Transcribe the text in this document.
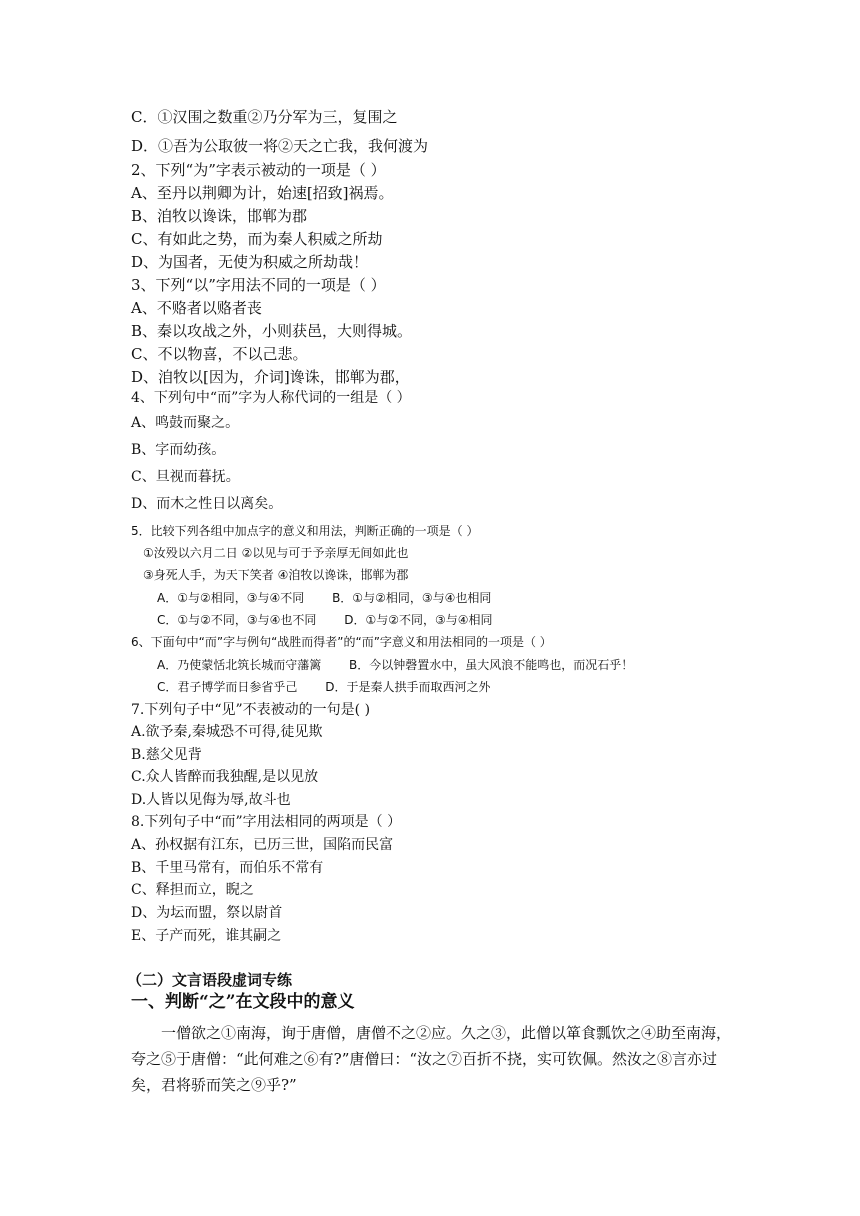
C．①汉围之数重②乃分军为三，复围之
D．①吾为公取彼一将②天之亡我，我何渡为
2、下列“为”字表示被动的一项是（ ）
A、至丹以荆卿为计，始速[招致]祸焉。
B、洎牧以谗诛，邯郸为郡
C、有如此之势，而为秦人积威之所劫
D、为国者，无使为积威之所劫哉！
3、下列“以”字用法不同的一项是（ ）
A、不赂者以赂者丧
B、秦以攻战之外，小则获邑，大则得城。
C、不以物喜，不以己悲。
D、洎牧以[因为，介词]谗诛，邯郸为郡，
4、下列句中“而”字为人称代词的一组是（ ）
A、鸣鼓而聚之。
B、字而幼孩。
C、旦视而暮抚。
D、而木之性日以离矣。
5．比较下列各组中加点字的意义和用法，判断正确的一项是（ ）
①汝殁以六月二日 ②以见与可于予亲厚无间如此也
③身死人手，为天下笑者 ④洎牧以谗诛，邯郸为郡
A．①与②相同，③与④不同 B．①与②相同，③与④也相同
C．①与②不同，③与④也不同 D．①与②不同，③与④相同
6、下面句中“而”字与例句“战胜而得者”的“而”字意义和用法相同的一项是（ ）
A．乃使蒙恬北筑长城而守藩篱 B．今以钟磬置水中，虽大风浪不能鸣也，而况石乎！
C．君子博学而日参省乎己 D．于是秦人拱手而取西河之外
7.下列句子中“见”不表被动的一句是( )
A.欲予秦,秦城恐不可得,徒见欺
B.慈父见背
C.众人皆醉而我独醒,是以见放
D.人皆以见侮为辱,故斗也
8.下列句子中“而”字用法相同的两项是（ ）
A、孙权据有江东，已历三世，国陷而民富
B、千里马常有，而伯乐不常有
C、释担而立，睨之
D、为坛而盟，祭以尉首
E、子产而死，谁其嗣之
（二）文言语段虚词专练
一、判断“之”在文段中的意义
一僧欲之①南海，询于唐僧，唐僧不之②应。久之③，此僧以箪食瓢饮之④助至南海，夸之⑤于唐僧：“此何难之⑥有?”唐僧曰：“汝之⑦百折不挠，实可钦佩。然汝之⑧言亦过矣，君将骄而笑之⑨乎?”
